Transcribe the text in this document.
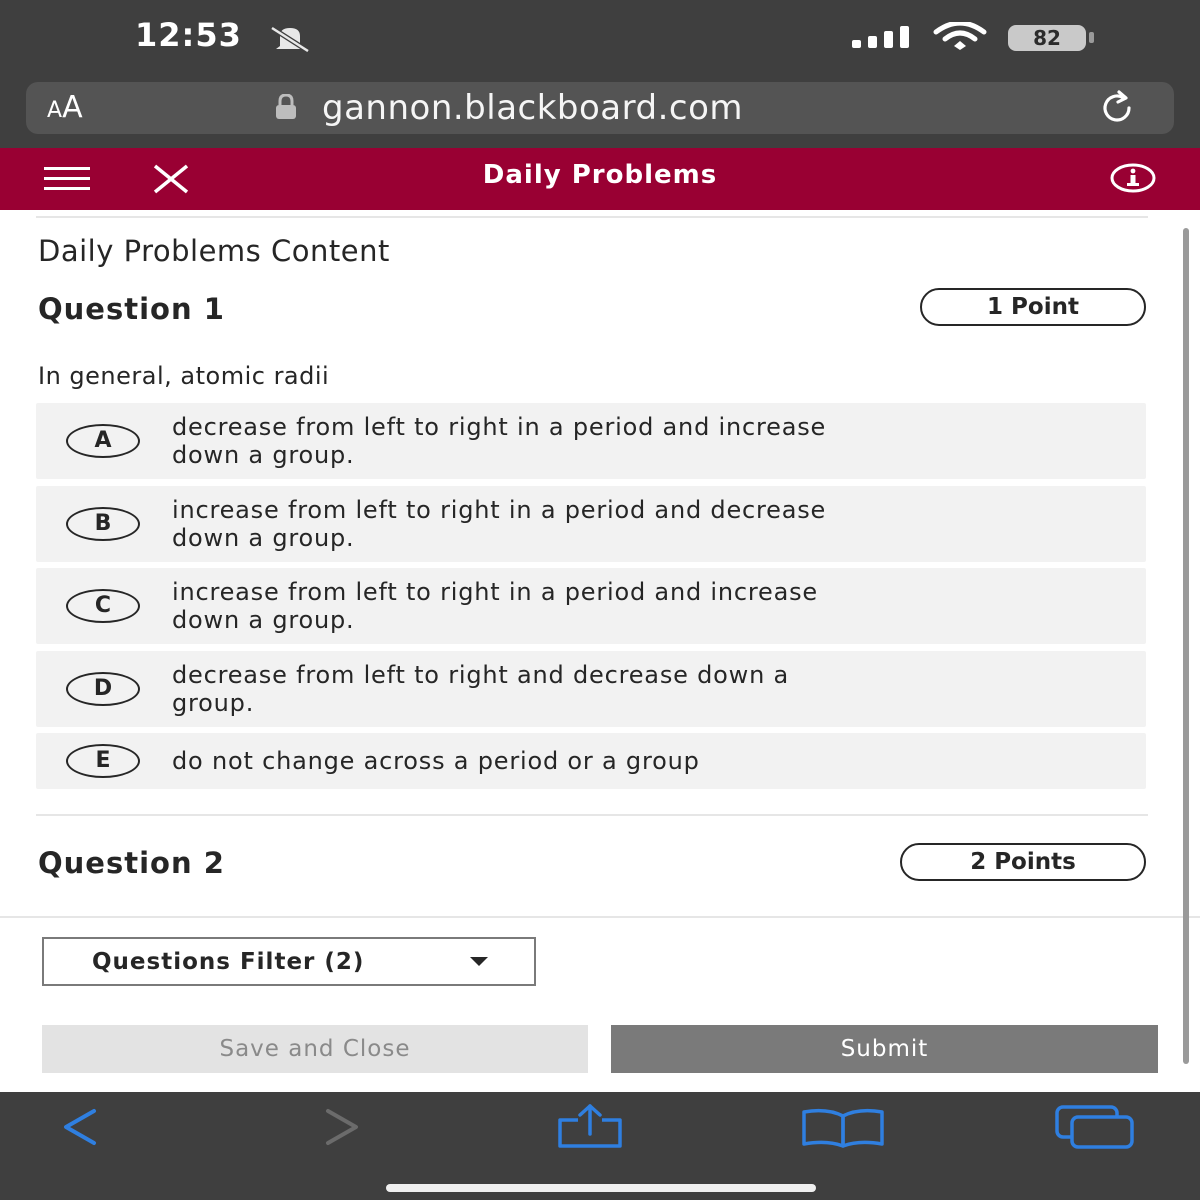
12:53	82
AA	gannon.blackboard.com
Daily Problems
Daily Problems Content
Question 1	1 Point
In general, atomic radii
A	decrease from left to right in a period and increase
down a group.
B	increase from left to right in a period and decrease
down a group.
C	increase from left to right in a period and increase
down a group.
D	decrease from left to right and decrease down a
group.
E	do not change across a period or a group
Question 2	2 Points
Questions Filter (2)
Save and Close	Submit
